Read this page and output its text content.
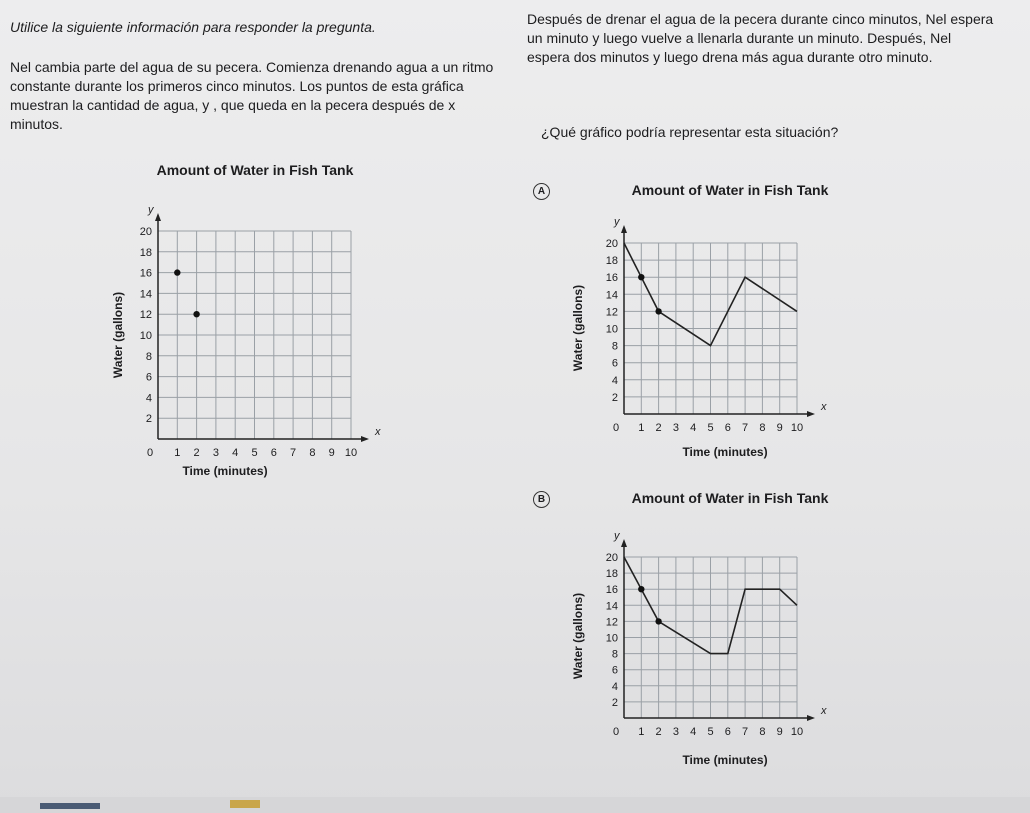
Utilice la siguiente información para responder la pregunta.

Nel cambia parte del agua de su pecera. Comienza drenando agua a un ritmo constante durante los primeros cinco minutos. Los puntos de esta gráfica muestran la cantidad de agua, y , que queda en la pecera después de x minutos.

Después de drenar el agua de la pecera durante cinco minutos, Nel espera un minuto y luego vuelve a llenarla durante un minuto. Después, Nel espera dos minutos y luego drena más agua durante otro minuto.

¿Qué gráfico podría representar esta situación?

1 2 3 4 5 6 7 8 9 10
2
4
6
8
10
12
14
16
18
20
0
x
y
Amount of Water in Fish Tank
Time (minutes)
Water (gallons)
A
1 2 3 4 5 6 7 8 9 10
2
4
6
8
10
12
14
16
18
20
0
x
y
Amount of Water in Fish Tank
Time (minutes)
Water (gallons)
B
1 2 3 4 5 6 7 8 9 10
2
4
6
8
10
12
14
16
18
20
0
x
y
Amount of Water in Fish Tank
Time (minutes)
Water (gallons)
